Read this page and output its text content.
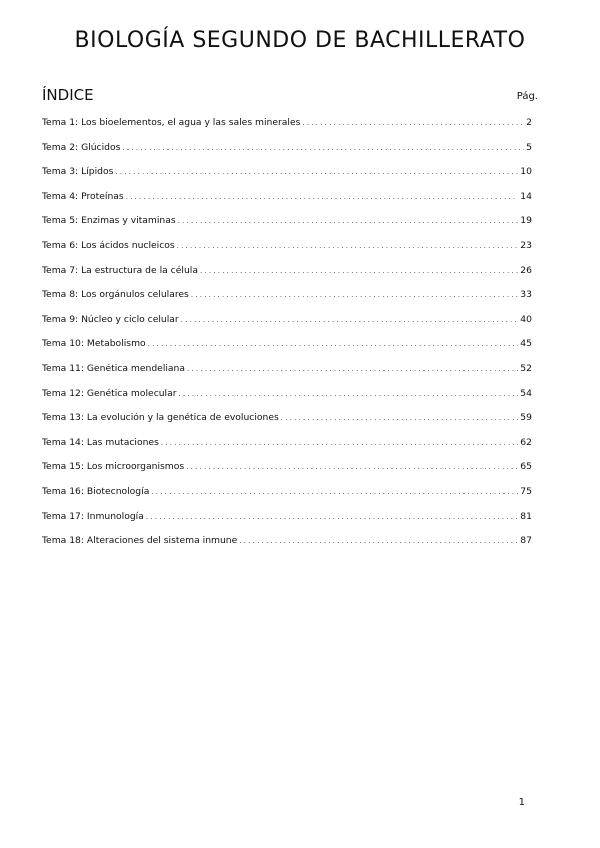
BIOLOGÍA SEGUNDO DE BACHILLERATO
ÍNDICE	Pág.
Tema 1: Los bioelementos, el agua y las sales minerales . . .	2
Tema 2: Glúcidos . . .	5
Tema 3: Lípidos . . .	10
Tema 4: Proteínas . . .	14
Tema 5: Enzimas y vitaminas . . .	19
Tema 6: Los ácidos nucleicos . . .	23
Tema 7: La estructura de la célula . . .	26
Tema 8: Los orgánulos celulares . . .	33
Tema 9: Núcleo y ciclo celular . . .	40
Tema 10: Metabolismo . . .	45
Tema 11: Genética mendeliana . . .	52
Tema 12: Genética molecular . . .	54
Tema 13: La evolución y la genética de evoluciones . . .	59
Tema 14: Las mutaciones . . .	62
Tema 15: Los microorganismos . . .	65
Tema 16: Biotecnología . . .	75
Tema 17: Inmunología . . .	81
Tema 18: Alteraciones del sistema inmune . . .	87
1
